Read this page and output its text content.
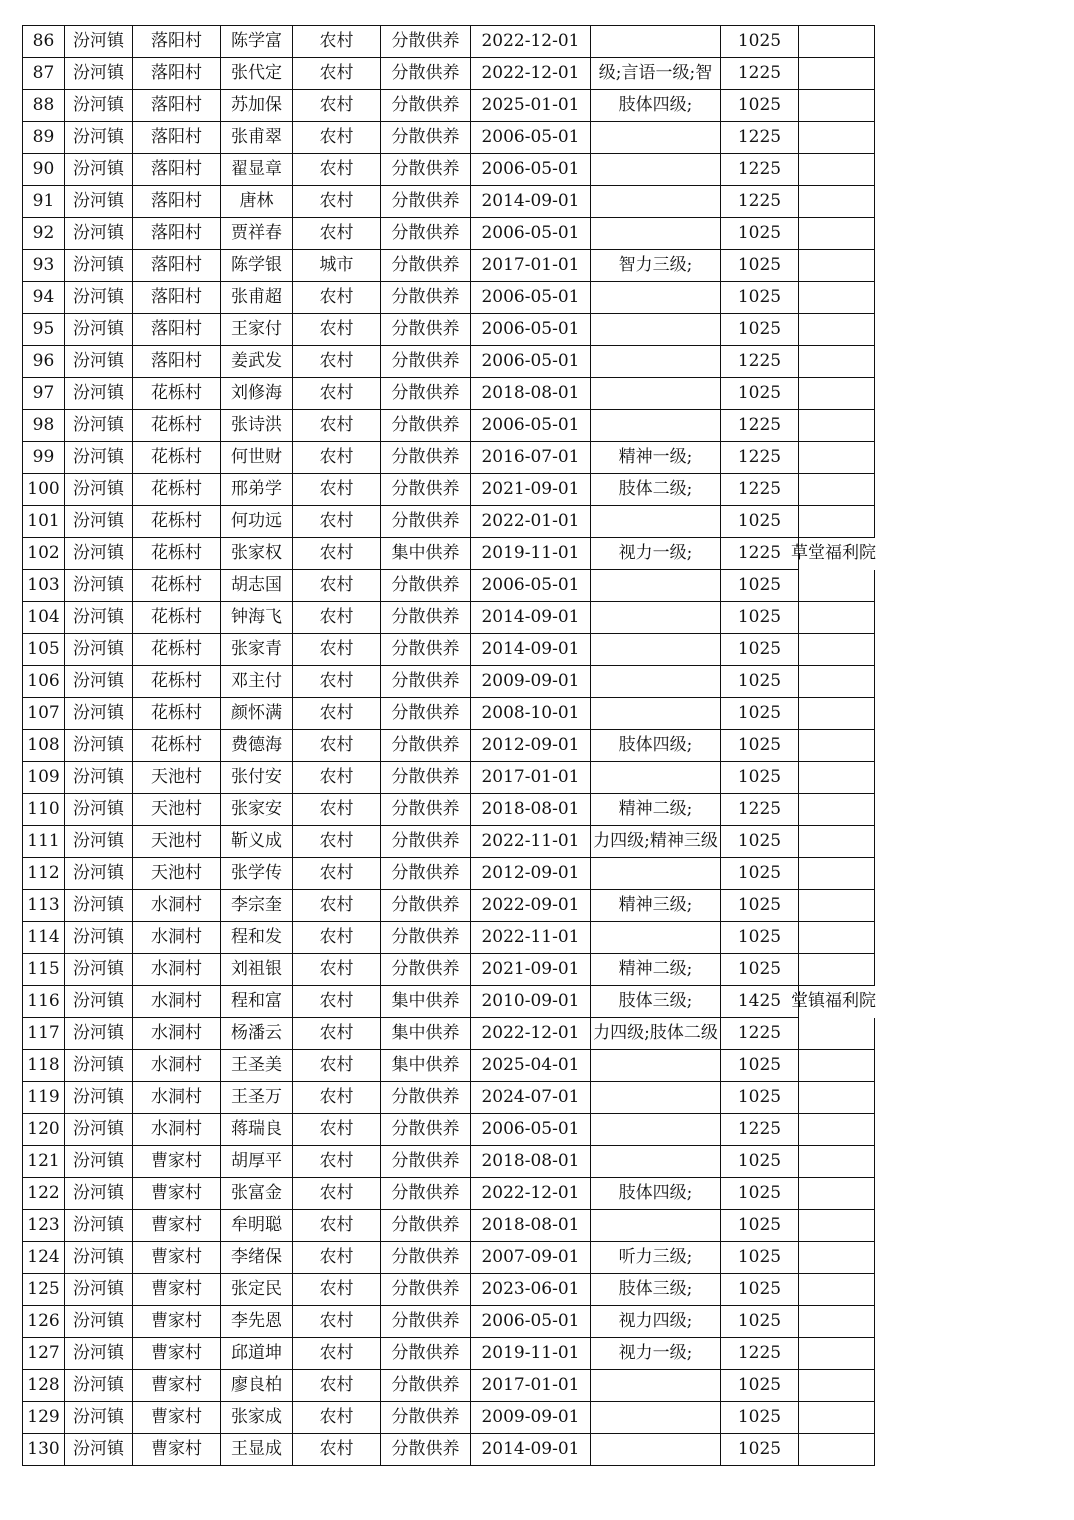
86	汾河镇	落阳村	陈学富	农村	分散供养	2022-12-01		1025	
87	汾河镇	落阳村	张代定	农村	分散供养	2022-12-01	级;言语一级;智	1225	
88	汾河镇	落阳村	苏加保	农村	分散供养	2025-01-01	肢体四级;	1025	
89	汾河镇	落阳村	张甫翠	农村	分散供养	2006-05-01		1225	
90	汾河镇	落阳村	翟显章	农村	分散供养	2006-05-01		1225	
91	汾河镇	落阳村	唐林	农村	分散供养	2014-09-01		1225	
92	汾河镇	落阳村	贾祥春	农村	分散供养	2006-05-01		1025	
93	汾河镇	落阳村	陈学银	城市	分散供养	2017-01-01	智力三级;	1025	
94	汾河镇	落阳村	张甫超	农村	分散供养	2006-05-01		1025	
95	汾河镇	落阳村	王家付	农村	分散供养	2006-05-01		1025	
96	汾河镇	落阳村	姜武发	农村	分散供养	2006-05-01		1225	
97	汾河镇	花栎村	刘修海	农村	分散供养	2018-08-01		1025	
98	汾河镇	花栎村	张诗洪	农村	分散供养	2006-05-01		1225	
99	汾河镇	花栎村	何世财	农村	分散供养	2016-07-01	精神一级;	1225	
100	汾河镇	花栎村	邢弟学	农村	分散供养	2021-09-01	肢体二级;	1225	
101	汾河镇	花栎村	何功远	农村	分散供养	2022-01-01		1025	
102	汾河镇	花栎村	张家权	农村	集中供养	2019-11-01	视力一级;	1225	草堂福利院

103	汾河镇	花栎村	胡志国	农村	分散供养	2006-05-01		1025	
104	汾河镇	花栎村	钟海飞	农村	分散供养	2014-09-01		1025	
105	汾河镇	花栎村	张家青	农村	分散供养	2014-09-01		1025	
106	汾河镇	花栎村	邓主付	农村	分散供养	2009-09-01		1025	
107	汾河镇	花栎村	颜怀满	农村	分散供养	2008-10-01		1025	
108	汾河镇	花栎村	费德海	农村	分散供养	2012-09-01	肢体四级;	1025	
109	汾河镇	天池村	张付安	农村	分散供养	2017-01-01		1025	
110	汾河镇	天池村	张家安	农村	分散供养	2018-08-01	精神二级;	1225	
111	汾河镇	天池村	靳义成	农村	分散供养	2022-11-01	力四级;精神三级	1025	
112	汾河镇	天池村	张学传	农村	分散供养	2012-09-01		1025	
113	汾河镇	水洞村	李宗奎	农村	分散供养	2022-09-01	精神三级;	1025	
114	汾河镇	水洞村	程和发	农村	分散供养	2022-11-01		1025	
115	汾河镇	水洞村	刘祖银	农村	分散供养	2021-09-01	精神二级;	1025	
116	汾河镇	水洞村	程和富	农村	集中供养	2010-09-01	肢体三级;	1425	堂镇福利院

117	汾河镇	水洞村	杨潘云	农村	集中供养	2022-12-01	力四级;肢体二级	1225	
118	汾河镇	水洞村	王圣美	农村	集中供养	2025-04-01		1025	
119	汾河镇	水洞村	王圣万	农村	分散供养	2024-07-01		1025	
120	汾河镇	水洞村	蒋瑞良	农村	分散供养	2006-05-01		1225	
121	汾河镇	曹家村	胡厚平	农村	分散供养	2018-08-01		1025	
122	汾河镇	曹家村	张富金	农村	分散供养	2022-12-01	肢体四级;	1025	
123	汾河镇	曹家村	牟明聪	农村	分散供养	2018-08-01		1025	
124	汾河镇	曹家村	李绪保	农村	分散供养	2007-09-01	听力三级;	1025	
125	汾河镇	曹家村	张定民	农村	分散供养	2023-06-01	肢体三级;	1025	
126	汾河镇	曹家村	李先恩	农村	分散供养	2006-05-01	视力四级;	1025	
127	汾河镇	曹家村	邱道坤	农村	分散供养	2019-11-01	视力一级;	1225	
128	汾河镇	曹家村	廖良柏	农村	分散供养	2017-01-01		1025	
129	汾河镇	曹家村	张家成	农村	分散供养	2009-09-01		1025	
130	汾河镇	曹家村	王显成	农村	分散供养	2014-09-01		1025	
